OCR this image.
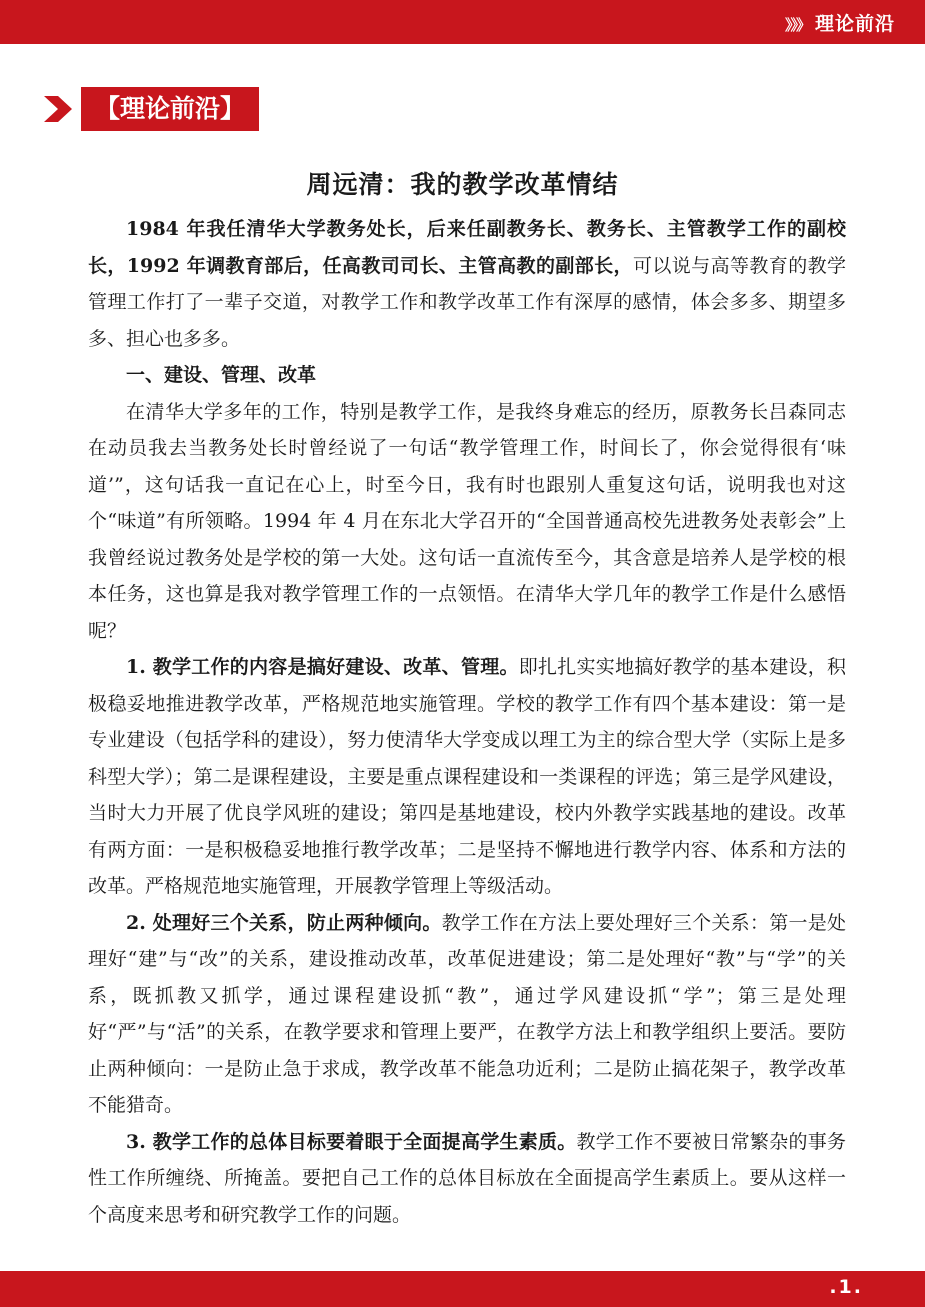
》》》 理论前沿
【理论前沿】
周远清：我的教学改革情结

1984 年我任清华大学教务处长，后来任副教务长、教务长、主管教学工作的副校长，1992 年调教育部后，任高教司司长、主管高教的副部长，可以说与高等教育的教学管理工作打了一辈子交道，对教学工作和教学改革工作有深厚的感情，体会多多、期望多多、担心也多多。

一、建设、管理、改革

在清华大学多年的工作，特别是教学工作，是我终身难忘的经历，原教务长吕森同志在动员我去当教务处长时曾经说了一句话“教学管理工作，时间长了，你会觉得很有‘味道’”，这句话我一直记在心上，时至今日，我有时也跟别人重复这句话，说明我也对这个“味道”有所领略。1994 年 4 月在东北大学召开的“全国普通高校先进教务处表彰会”上我曾经说过教务处是学校的第一大处。这句话一直流传至今，其含意是培养人是学校的根本任务，这也算是我对教学管理工作的一点领悟。在清华大学几年的教学工作是什么感悟呢？

1. 教学工作的内容是搞好建设、改革、管理。即扎扎实实地搞好教学的基本建设，积极稳妥地推进教学改革，严格规范地实施管理。学校的教学工作有四个基本建设：第一是专业建设（包括学科的建设），努力使清华大学变成以理工为主的综合型大学（实际上是多科型大学）；第二是课程建设，主要是重点课程建设和一类课程的评选；第三是学风建设，当时大力开展了优良学风班的建设；第四是基地建设，校内外教学实践基地的建设。改革有两方面：一是积极稳妥地推行教学改革；二是坚持不懈地进行教学内容、体系和方法的改革。严格规范地实施管理，开展教学管理上等级活动。

2. 处理好三个关系，防止两种倾向。教学工作在方法上要处理好三个关系：第一是处理好“建”与“改”的关系，建设推动改革，改革促进建设；第二是处理好“教”与“学”的关系，既抓教又抓学，通过课程建设抓“教”，通过学风建设抓“学”；第三是处理好“严”与“活”的关系，在教学要求和管理上要严，在教学方法上和教学组织上要活。要防止两种倾向：一是防止急于求成，教学改革不能急功近利；二是防止搞花架子，教学改革不能猎奇。

3. 教学工作的总体目标要着眼于全面提高学生素质。教学工作不要被日常繁杂的事务性工作所缠绕、所掩盖。要把自己工作的总体目标放在全面提高学生素质上。要从这样一个高度来思考和研究教学工作的问题。

.1.
